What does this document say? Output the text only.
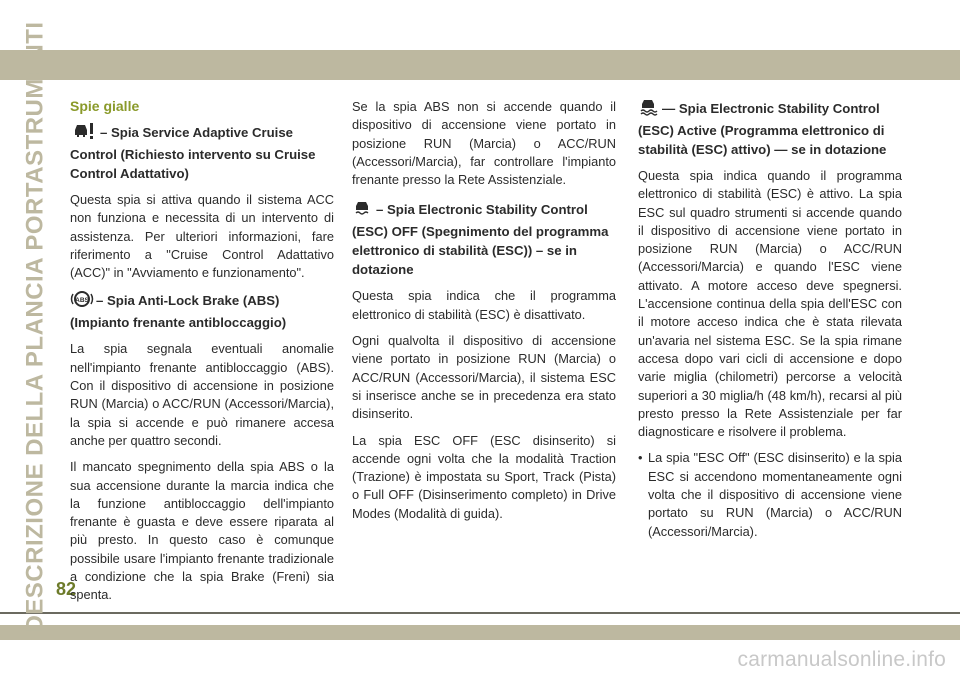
carmanualsonline.info
DESCRIZIONE DELLA PLANCIA PORTASTRUMENTI 82
Spie gialle
– Spia Service Adaptive Cruise Control (Richiesto intervento su Cruise Control Adattativo)

Questa spia si attiva quando il sistema ACC non funziona e necessita di un intervento di assistenza. Per ulteriori informazioni, fare riferimento a "Cruise Control Adattativo (ACC)" in "Avviamento e funzionamento".

ABS – Spia Anti-Lock Brake (ABS) (Impianto frenante antibloccaggio)

La spia segnala eventuali anomalie nell'impianto frenante antibloccaggio (ABS). Con il dispositivo di accensione in posizione RUN (Marcia) o ACC/RUN (Accessori/Marcia), la spia si accende e può rimanere accesa anche per quattro secondi.

Il mancato spegnimento della spia ABS o la sua accensione durante la marcia indica che la funzione antibloccaggio dell'impianto frenante è guasta e deve essere riparata al più presto. In questo caso è comunque possibile usare l'impianto frenante tradizionale a condizione che la spia Brake (Freni) sia spenta.

Se la spia ABS non si accende quando il dispositivo di accensione viene portato in posizione RUN (Marcia) o ACC/RUN (Accessori/Marcia), far controllare l'impianto frenante presso la Rete Assistenziale.

– Spia Electronic Stability Control (ESC) OFF (Spegnimento del programma elettronico di stabilità (ESC)) – se in dotazione

Questa spia indica che il programma elettronico di stabilità (ESC) è disattivato.

Ogni qualvolta il dispositivo di accensione viene portato in posizione RUN (Marcia) o ACC/RUN (Accessori/Marcia), il sistema ESC si inserisce anche se in precedenza era stato disinserito.

La spia ESC OFF (ESC disinserito) si accende ogni volta che la modalità Traction (Trazione) è impostata su Sport, Track (Pista) o Full OFF (Disinserimento completo) in Drive Modes (Modalità di guida).

— Spia Electronic Stability Control (ESC) Active (Programma elettronico di stabilità (ESC) attivo) — se in dotazione

Questa spia indica quando il programma elettronico di stabilità (ESC) è attivo. La spia ESC sul quadro strumenti si accende quando il dispositivo di accensione viene portato in posizione RUN (Marcia) o ACC/RUN (Accessori/Marcia) e quando l'ESC viene attivato. A motore acceso deve spegnersi. L'accensione continua della spia dell'ESC con il motore acceso indica che è stata rilevata un'avaria nel sistema ESC. Se la spia rimane accesa dopo vari cicli di accensione e dopo varie miglia (chilometri) percorse a velocità superiori a 30 miglia/h (48 km/h), recarsi al più presto presso la Rete Assistenziale per far diagnosticare e risolvere il problema.

• La spia "ESC Off" (ESC disinserito) e la spia ESC si accendono momentaneamente ogni volta che il dispositivo di accensione viene portato su RUN (Marcia) o ACC/RUN (Accessori/Marcia).
